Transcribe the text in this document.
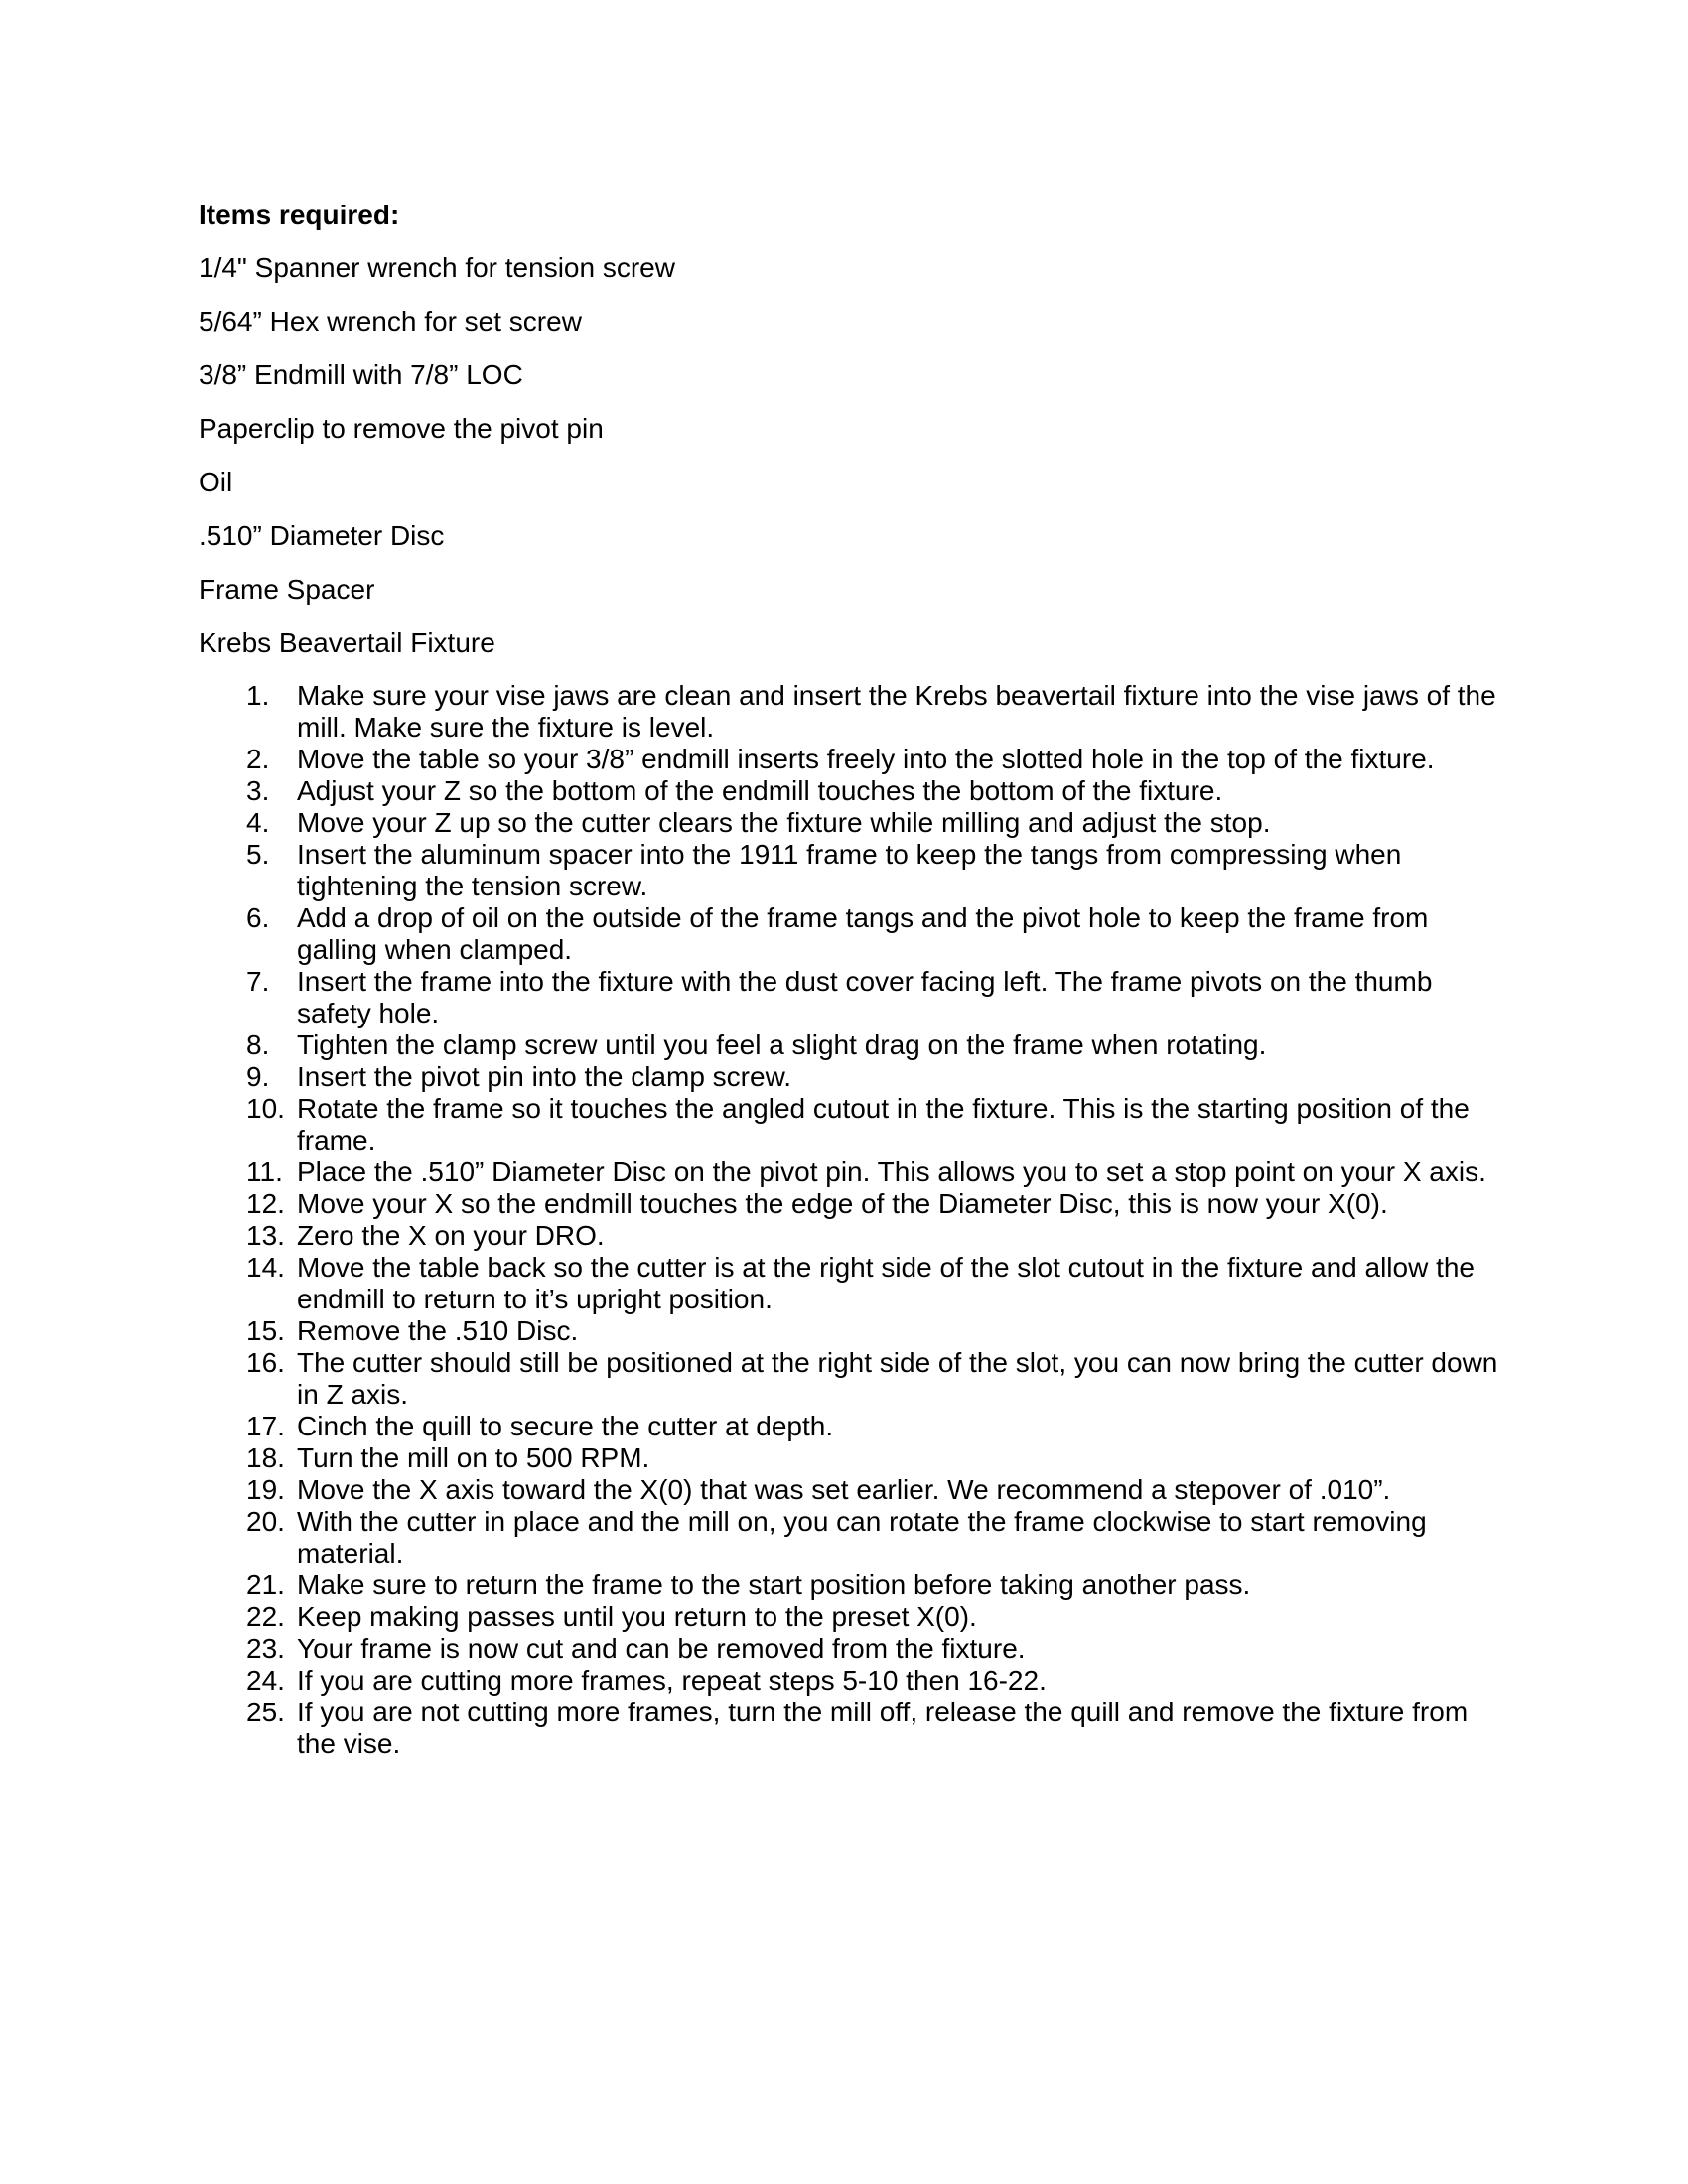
Items required:
1/4" Spanner wrench for tension screw
5/64” Hex wrench for set screw
3/8” Endmill with 7/8” LOC
Paperclip to remove the pivot pin
Oil
.510” Diameter Disc
Frame Spacer
Krebs Beavertail Fixture
1. Make sure your vise jaws are clean and insert the Krebs beavertail fixture into the vise jaws of the mill. Make sure the fixture is level.
2. Move the table so your 3/8” endmill inserts freely into the slotted hole in the top of the fixture.
3. Adjust your Z so the bottom of the endmill touches the bottom of the fixture.
4. Move your Z up so the cutter clears the fixture while milling and adjust the stop.
5. Insert the aluminum spacer into the 1911 frame to keep the tangs from compressing when tightening the tension screw.
6. Add a drop of oil on the outside of the frame tangs and the pivot hole to keep the frame from galling when clamped.
7. Insert the frame into the fixture with the dust cover facing left. The frame pivots on the thumb safety hole.
8. Tighten the clamp screw until you feel a slight drag on the frame when rotating.
9. Insert the pivot pin into the clamp screw.
10. Rotate the frame so it touches the angled cutout in the fixture. This is the starting position of the frame.
11. Place the .510” Diameter Disc on the pivot pin. This allows you to set a stop point on your X axis.
12. Move your X so the endmill touches the edge of the Diameter Disc, this is now your X(0).
13. Zero the X on your DRO.
14. Move the table back so the cutter is at the right side of the slot cutout in the fixture and allow the endmill to return to it’s upright position.
15. Remove the .510 Disc.
16. The cutter should still be positioned at the right side of the slot, you can now bring the cutter down in Z axis.
17. Cinch the quill to secure the cutter at depth.
18. Turn the mill on to 500 RPM.
19. Move the X axis toward the X(0) that was set earlier. We recommend a stepover of .010”.
20. With the cutter in place and the mill on, you can rotate the frame clockwise to start removing material.
21. Make sure to return the frame to the start position before taking another pass.
22. Keep making passes until you return to the preset X(0).
23. Your frame is now cut and can be removed from the fixture.
24. If you are cutting more frames, repeat steps 5-10 then 16-22.
25. If you are not cutting more frames, turn the mill off, release the quill and remove the fixture from the vise.
